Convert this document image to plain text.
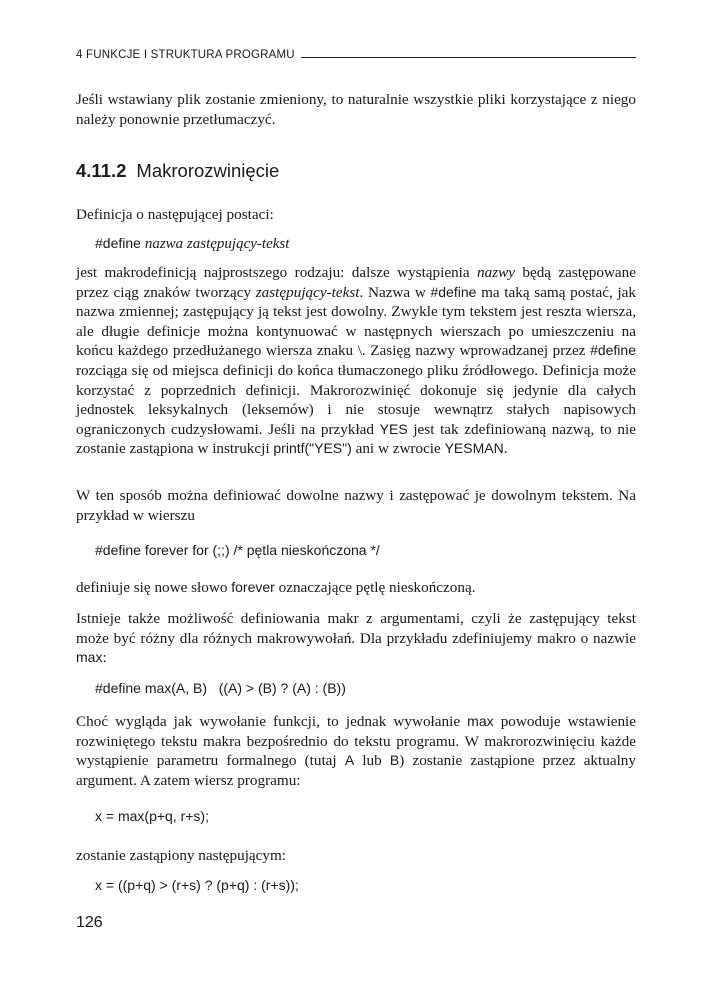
4 FUNKCJE I STRUKTURA PROGRAMU
Jeśli wstawiany plik zostanie zmieniony, to naturalnie wszystkie pliki korzystające z niego należy ponownie przetłumaczyć.
4.11.2 Makrorozwinięcie
Definicja o następującej postaci:
#define nazwa zastępujący-tekst
jest makrodefinicją najprostszego rodzaju: dalsze wystąpienia nazwy będą zastępowane przez ciąg znaków tworzący zastępujący-tekst. Nazwa w #define ma taką samą postać, jak nazwa zmiennej; zastępujący ją tekst jest dowolny. Zwykle tym tekstem jest reszta wiersza, ale długie definicje można kontynuować w następnych wierszach po umieszczeniu na końcu każdego przedłużanego wiersza znaku \. Zasięg nazwy wprowadzanej przez #define rozciąga się od miejsca definicji do końca tłumaczonego pliku źródłowego. Definicja może korzystać z poprzednich definicji. Makrorozwinięć dokonuje się jedynie dla całych jednostek leksykalnych (leksemów) i nie stosuje wewnątrz stałych napisowych ograniczonych cudzysłowami. Jeśli na przykład YES jest tak zdefiniowaną nazwą, to nie zostanie zastąpiona w instrukcji printf("YES") ani w zwrocie YESMAN.
W ten sposób można definiować dowolne nazwy i zastępować je dowolnym tekstem. Na przykład w wierszu
#define forever for (;;) /* pętla nieskończona */
definiuje się nowe słowo forever oznaczające pętlę nieskończoną.
Istnieje także możliwość definiowania makr z argumentami, czyli że zastępujący tekst może być różny dla różnych makrowywołań. Dla przykładu zdefiniujemy makro o nazwie max:
#define max(A, B)   ((A) > (B) ? (A) : (B))
Choć wygląda jak wywołanie funkcji, to jednak wywołanie max powoduje wstawienie rozwiniętego tekstu makra bezpośrednio do tekstu programu. W makrorozwinięciu każde wystąpienie parametru formalnego (tutaj A lub B) zostanie zastąpione przez aktualny argument. A zatem wiersz programu:
x = max(p+q, r+s);
zostanie zastąpiony następującym:
x = ((p+q) > (r+s) ? (p+q) : (r+s));
126
